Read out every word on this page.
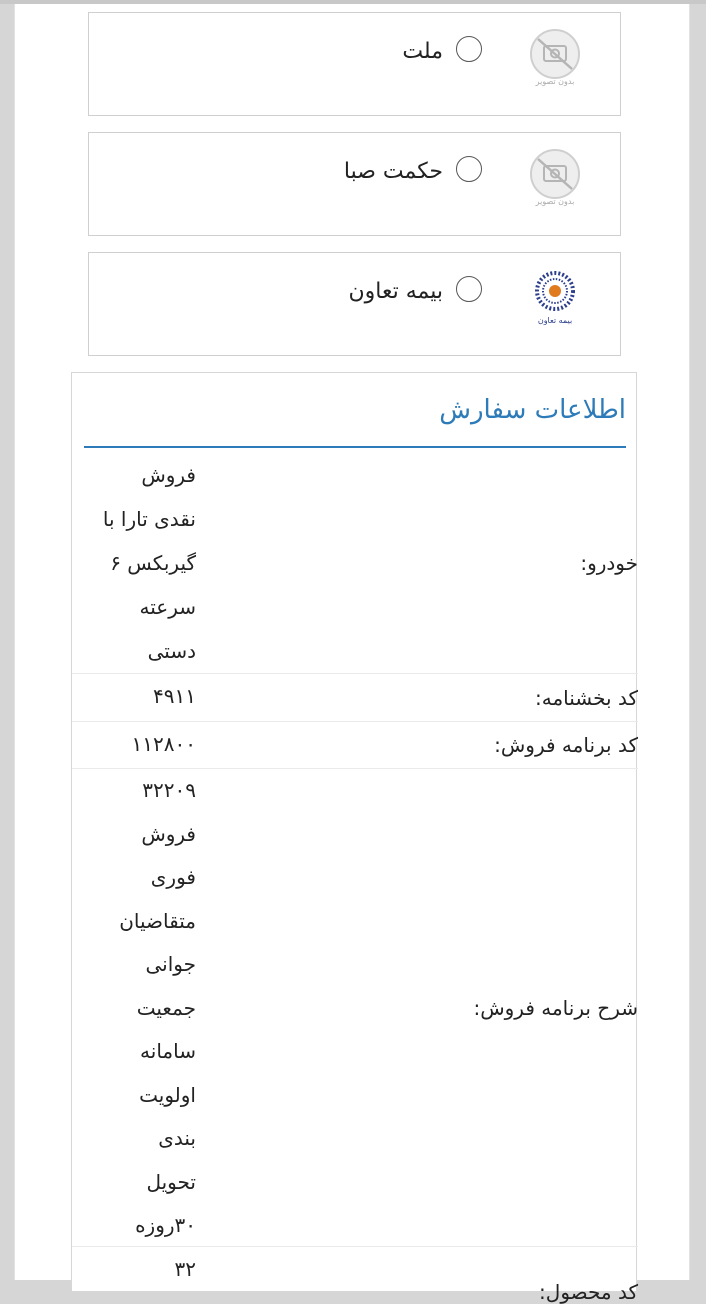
ملت
بدون تصویر
حکمت صبا
بدون تصویر
بیمه تعاون
بیمه تعاون
اطلاعات سفارش
خودرو:
فروش
نقدی تارا با
گیربکس ۶
سرعته
دستی
کد بخشنامه:
۴۹۱۱
کد برنامه فروش:
۱۱۲۸۰۰
شرح برنامه فروش:
۳۲۲۰۹
فروش
فوری
متقاضیان
جوانی
جمعیت
سامانه
اولویت
بندی
تحویل
۳۰روزه
کد محصول:
۳۲
